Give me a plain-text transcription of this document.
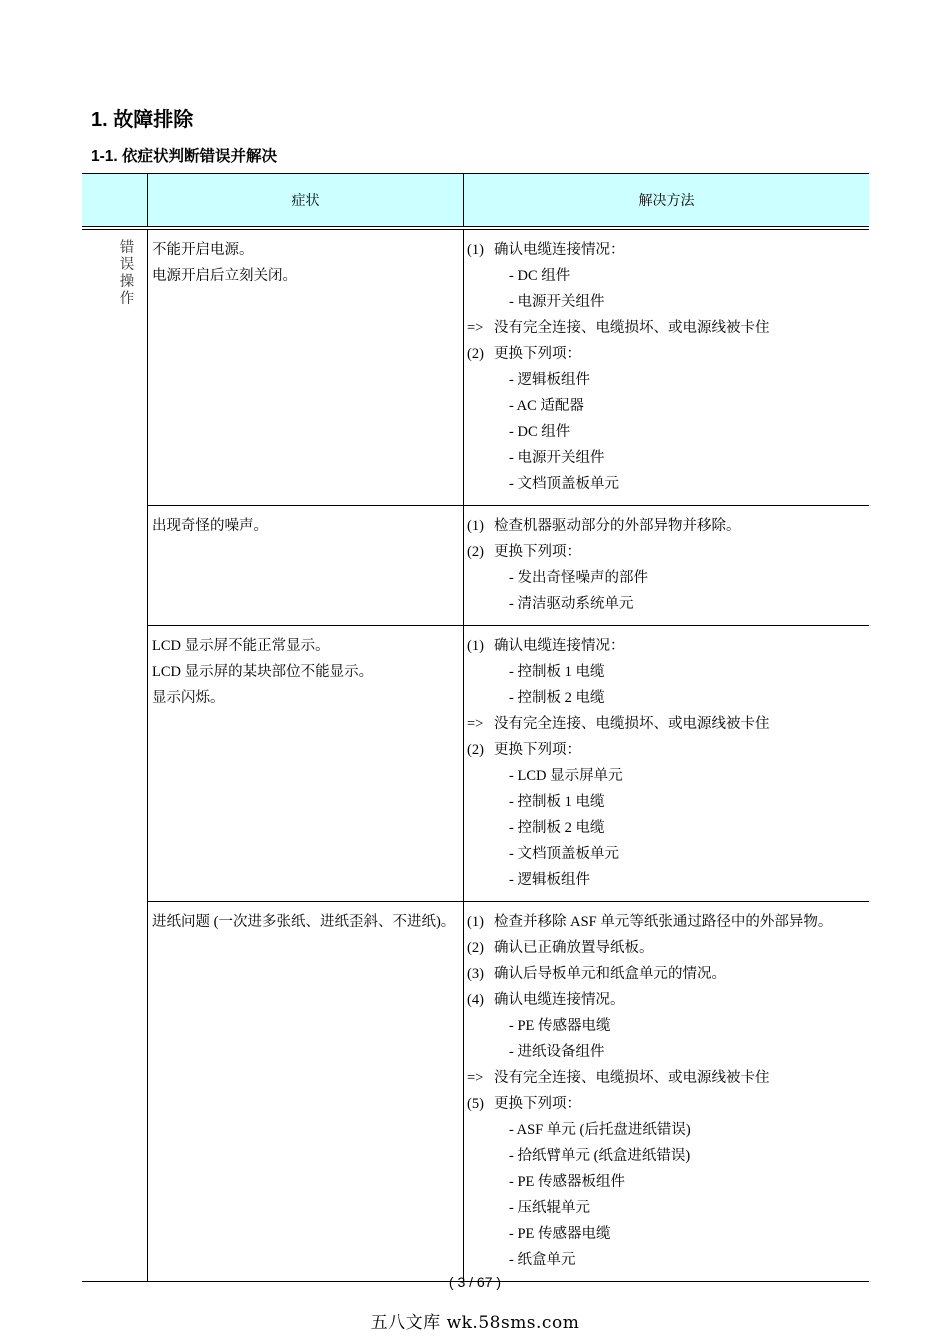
1. 故障排除
1-1. 依症状判断错误并解决
症状	解决方法
错误操作
不能开启电源。
电源开启后立刻关闭。
(1) 确认电缆连接情况：
- DC 组件
- 电源开关组件
=> 没有完全连接、电缆损坏、或电源线被卡住
(2) 更换下列项：
- 逻辑板组件
- AC 适配器
- DC 组件
- 电源开关组件
- 文档顶盖板单元
出现奇怪的噪声。	(1) 检查机器驱动部分的外部异物并移除。
(2) 更换下列项：
- 发出奇怪噪声的部件
- 清洁驱动系统单元
LCD 显示屏不能正常显示。
LCD 显示屏的某块部位不能显示。
显示闪烁。
(1) 确认电缆连接情况：
- 控制板 1 电缆
- 控制板 2 电缆
=> 没有完全连接、电缆损坏、或电源线被卡住
(2) 更换下列项：
- LCD 显示屏单元
- 控制板 1 电缆
- 控制板 2 电缆
- 文档顶盖板单元
- 逻辑板组件
进纸问题 (一次进多张纸、进纸歪斜、不进纸)。 (1) 检查并移除 ASF 单元等纸张通过路径中的外部异物。
(2) 确认已正确放置导纸板。
(3) 确认后导板单元和纸盒单元的情况。
(4) 确认电缆连接情况。
- PE 传感器电缆
- 进纸设备组件
=> 没有完全连接、电缆损坏、或电源线被卡住
(5) 更换下列项：
- ASF 单元 (后托盘进纸错误)
- 拾纸臂单元 (纸盒进纸错误)
- PE 传感器板组件
- 压纸辊单元
- PE 传感器电缆
- 纸盒单元
( 3 / 67 )
五八文库 wk.58sms.com
